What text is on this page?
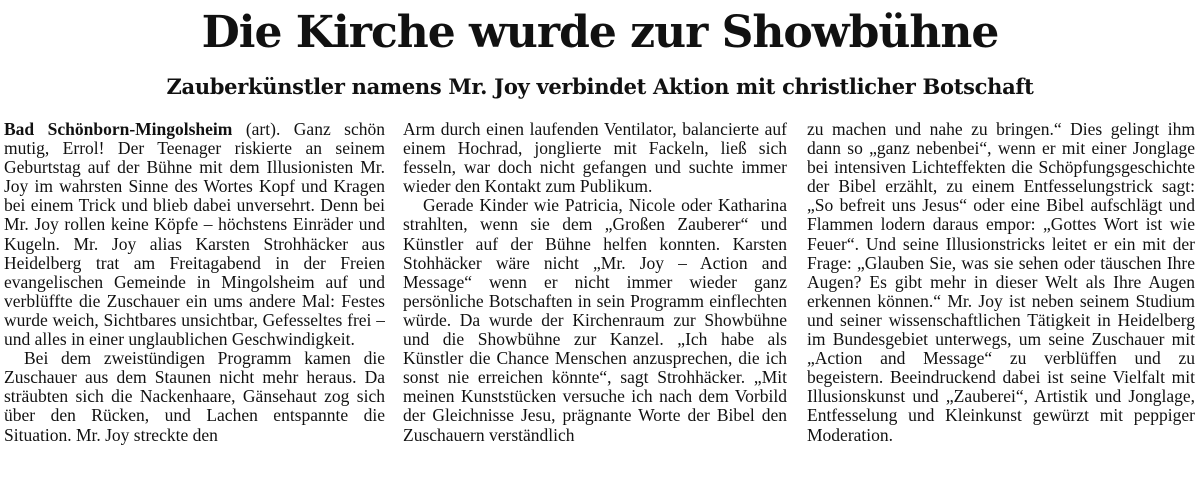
Die Kirche wurde zur Showbühne
Zauberkünstler namens Mr. Joy verbindet Aktion mit christlicher Botschaft

Bad Schönborn-Mingolsheim (art). Ganz schön mutig, Errol! Der Teenager riskierte an seinem Geburtstag auf der Bühne mit dem Illusionisten Mr. Joy im wahrsten Sinne des Wortes Kopf und Kragen bei einem Trick und blieb dabei unversehrt. Denn bei Mr. Joy rollen keine Köpfe – höchstens Einräder und Kugeln. Mr. Joy alias Karsten Strohhäcker aus Heidelberg trat am Freitagabend in der Freien evangelischen Gemeinde in Mingolsheim auf und verblüffte die Zuschauer ein ums andere Mal: Festes wurde weich, Sichtbares unsichtbar, Gefesseltes frei – und alles in einer unglaublichen Geschwindigkeit.

Bei dem zweistündigen Programm kamen die Zuschauer aus dem Staunen nicht mehr heraus. Da sträubten sich die Nackenhaare, Gänsehaut zog sich über den Rücken, und Lachen entspannte die Situation. Mr. Joy streckte den

Arm durch einen laufenden Ventilator, balancierte auf einem Hochrad, jonglierte mit Fackeln, ließ sich fesseln, war doch nicht gefangen und suchte immer wieder den Kontakt zum Publikum.

Gerade Kinder wie Patricia, Nicole oder Katharina strahlten, wenn sie dem „Großen Zauberer“ und Künstler auf der Bühne helfen konnten. Karsten Stohhäcker wäre nicht „Mr. Joy – Action and Message“ wenn er nicht immer wieder ganz persönliche Botschaften in sein Programm einflechten würde. Da wurde der Kirchenraum zur Showbühne und die Showbühne zur Kanzel. „Ich habe als Künstler die Chance Menschen anzusprechen, die ich sonst nie erreichen könnte“, sagt Strohhäcker. „Mit meinen Kunststücken versuche ich nach dem Vorbild der Gleichnisse Jesu, prägnante Worte der Bibel den Zuschauern verständlich

zu machen und nahe zu bringen.“ Dies gelingt ihm dann so „ganz nebenbei“, wenn er mit einer Jonglage bei intensiven Lichteffekten die Schöpfungsgeschichte der Bibel erzählt, zu einem Entfesselungstrick sagt: „So befreit uns Jesus“ oder eine Bibel aufschlägt und Flammen lodern daraus empor: „Gottes Wort ist wie Feuer“. Und seine Illusionstricks leitet er ein mit der Frage: „Glauben Sie, was sie sehen oder täuschen Ihre Augen? Es gibt mehr in dieser Welt als Ihre Augen erkennen können.“ Mr. Joy ist neben seinem Studium und seiner wissenschaftlichen Tätigkeit in Heidelberg im Bundesgebiet unterwegs, um seine Zuschauer mit „Action and Message“ zu verblüffen und zu begeistern. Beeindruckend dabei ist seine Vielfalt mit Illusionskunst und „Zauberei“, Artistik und Jonglage, Entfesselung und Kleinkunst gewürzt mit peppiger Moderation.
